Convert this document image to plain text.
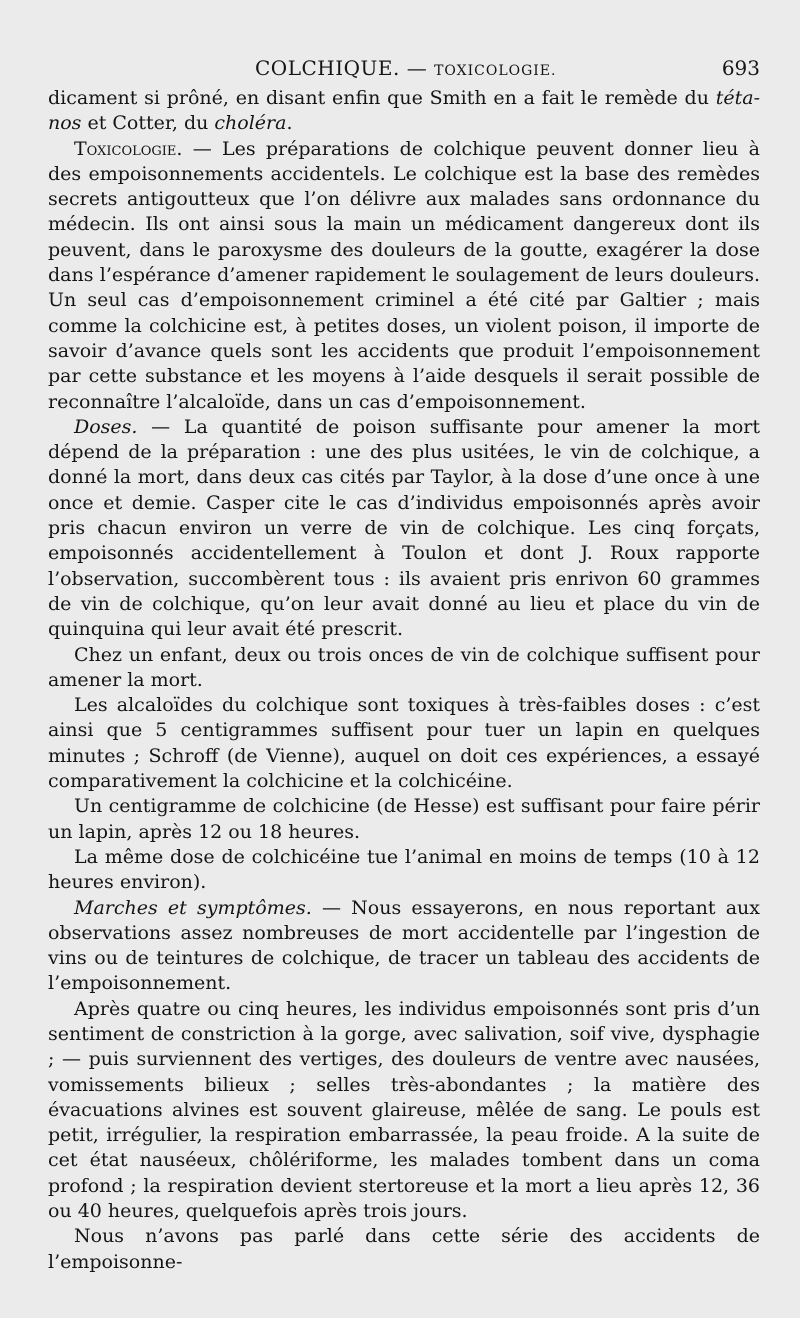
COLCHIQUE. — TOXICOLOGIE.	693

dicament si prôné, en disant enfin que Smith en a fait le remède du téta-nos et Cotter, du choléra.

Toxicologie. — Les préparations de colchique peuvent donner lieu à des empoisonnements accidentels. Le colchique est la base des remèdes secrets antigoutteux que l’on délivre aux malades sans ordonnance du médecin. Ils ont ainsi sous la main un médicament dangereux dont ils peuvent, dans le paroxysme des douleurs de la goutte, exagérer la dose dans l’espérance d’amener rapidement le soulagement de leurs douleurs. Un seul cas d’empoisonnement criminel a été cité par Galtier ; mais comme la colchicine est, à petites doses, un violent poison, il importe de savoir d’avance quels sont les accidents que produit l’empoisonnement par cette substance et les moyens à l’aide desquels il serait possible de reconnaître l’alcaloïde, dans un cas d’empoisonnement.

Doses. — La quantité de poison suffisante pour amener la mort dépend de la préparation : une des plus usitées, le vin de colchique, a donné la mort, dans deux cas cités par Taylor, à la dose d’une once à une once et demie. Casper cite le cas d’individus empoisonnés après avoir pris chacun environ un verre de vin de colchique. Les cinq forçats, empoisonnés accidentellement à Toulon et dont J. Roux rapporte l’observation, succombèrent tous : ils avaient pris enrivon 60 grammes de vin de colchique, qu’on leur avait donné au lieu et place du vin de quinquina qui leur avait été prescrit.

Chez un enfant, deux ou trois onces de vin de colchique suffisent pour amener la mort.

Les alcaloïdes du colchique sont toxiques à très-faibles doses : c’est ainsi que 5 centigrammes suffisent pour tuer un lapin en quelques minutes ; Schroff (de Vienne), auquel on doit ces expériences, a essayé comparativement la colchicine et la colchicéine.

Un centigramme de colchicine (de Hesse) est suffisant pour faire périr un lapin, après 12 ou 18 heures.

La même dose de colchicéine tue l’animal en moins de temps (10 à 12 heures environ).

Marches et symptômes. — Nous essayerons, en nous reportant aux observations assez nombreuses de mort accidentelle par l’ingestion de vins ou de teintures de colchique, de tracer un tableau des accidents de l’empoisonnement.

Après quatre ou cinq heures, les individus empoisonnés sont pris d’un sentiment de constriction à la gorge, avec salivation, soif vive, dysphagie ; — puis surviennent des vertiges, des douleurs de ventre avec nausées, vomissements bilieux ; selles très-abondantes ; la matière des évacuations alvines est souvent glaireuse, mêlée de sang. Le pouls est petit, irrégulier, la respiration embarrassée, la peau froide. A la suite de cet état nauséeux, chôlériforme, les malades tombent dans un coma profond ; la respiration devient stertoreuse et la mort a lieu après 12, 36 ou 40 heures, quelquefois après trois jours.

Nous n’avons pas parlé dans cette série des accidents de l’empoisonne-
